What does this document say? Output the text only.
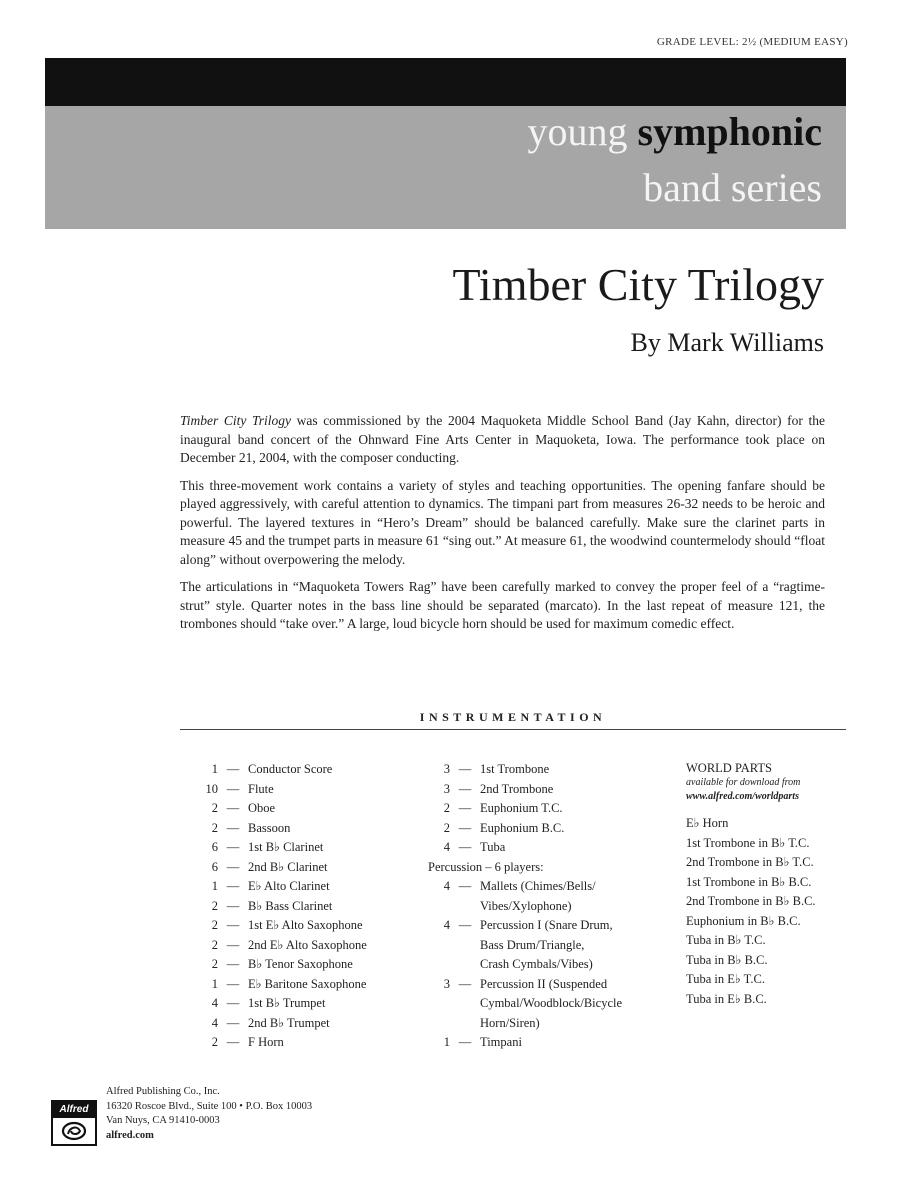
GRADE LEVEL: 2½ (MEDIUM EASY)
young symphonic
band series
Timber City Trilogy
By Mark Williams

Timber City Trilogy was commissioned by the 2004 Maquoketa Middle School Band (Jay Kahn, director) for the inaugural band concert of the Ohnward Fine Arts Center in Maquoketa, Iowa. The performance took place on December 21, 2004, with the composer conducting.

This three-movement work contains a variety of styles and teaching opportunities. The opening fanfare should be played aggressively, with careful attention to dynamics. The timpani part from measures 26-32 needs to be heroic and powerful. The layered textures in “Hero’s Dream” should be balanced carefully. Make sure the clarinet parts in measure 45 and the trumpet parts in measure 61 “sing out.” At measure 61, the woodwind countermelody should “float along” without overpowering the melody.

The articulations in “Maquoketa Towers Rag” have been carefully marked to convey the proper feel of a “ragtime-strut” style. Quarter notes in the bass line should be separated (marcato). In the last repeat of measure 121, the trombones should “take over.” A large, loud bicycle horn should be used for maximum comedic effect.

INSTRUMENTATION
1 — Conductor Score
10 — Flute
2 — Oboe
2 — Bassoon
6 — 1st B♭ Clarinet
6 — 2nd B♭ Clarinet
1 — E♭ Alto Clarinet
2 — B♭ Bass Clarinet
2 — 1st E♭ Alto Saxophone
2 — 2nd E♭ Alto Saxophone
2 — B♭ Tenor Saxophone
1 — E♭ Baritone Saxophone
4 — 1st B♭ Trumpet
4 — 2nd B♭ Trumpet
2 — F Horn
3 — 1st Trombone
3 — 2nd Trombone
2 — Euphonium T.C.
2 — Euphonium B.C.
4 — Tuba
Percussion – 6 players:
4 — Mallets (Chimes/Bells/
Vibes/Xylophone)
4 — Percussion I (Snare Drum,
Bass Drum/Triangle,
Crash Cymbals/Vibes)
3 — Percussion II (Suspended
Cymbal/Woodblock/Bicycle
Horn/Siren)
1 — Timpani
WORLD PARTS
available for download from
www.alfred.com/worldparts
E♭ Horn
1st Trombone in B♭ T.C.
2nd Trombone in B♭ T.C.
1st Trombone in B♭ B.C.
2nd Trombone in B♭ B.C.
Euphonium in B♭ B.C.
Tuba in B♭ T.C.
Tuba in B♭ B.C.
Tuba in E♭ T.C.
Tuba in E♭ B.C.
Alfred
Alfred Publishing Co., Inc.
16320 Roscoe Blvd., Suite 100 • P.O. Box 10003
Van Nuys, CA 91410-0003
alfred.com
